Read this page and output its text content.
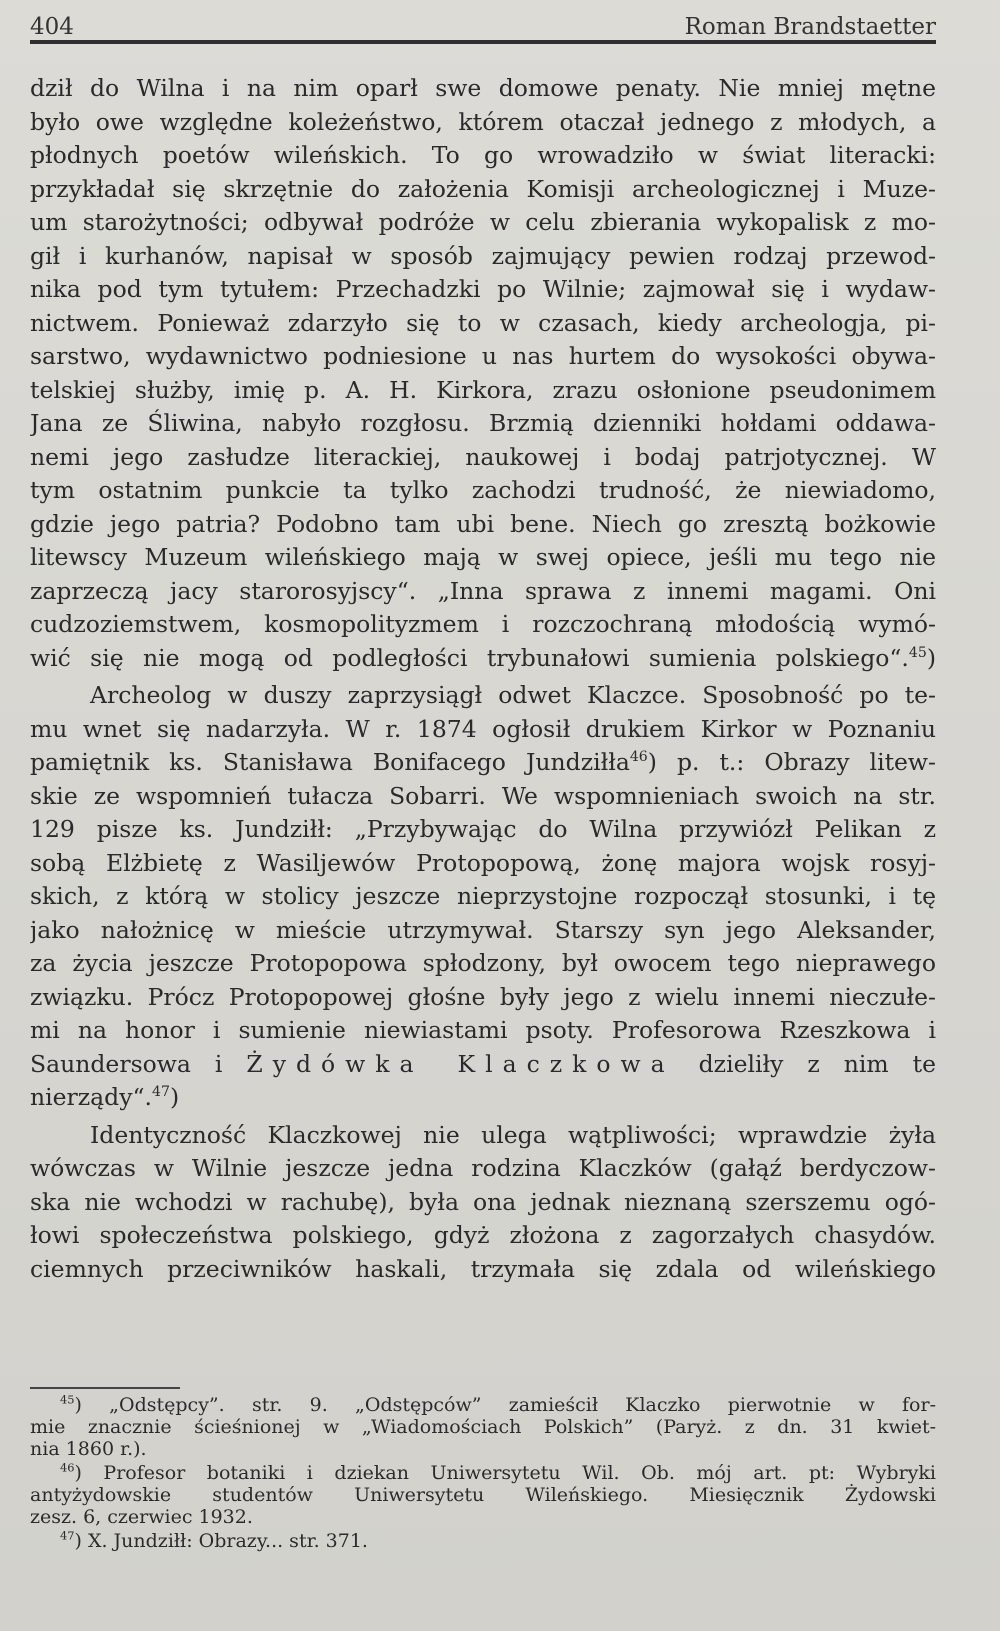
404	Roman Brandstaetter
dził do Wilna i na nim oparł swe domowe penaty. Nie mniej mętne
było owe względne koleżeństwo, którem otaczał jednego z młodych, a
płodnych poetów wileńskich. To go wrowadziło w świat literacki:
przykładał się skrzętnie do założenia Komisji archeologicznej i Muze-
um starożytności; odbywał podróże w celu zbierania wykopalisk z mo-
gił i kurhanów, napisał w sposób zajmujący pewien rodzaj przewod-
nika pod tym tytułem: Przechadzki po Wilnie; zajmował się i wydaw-
nictwem. Ponieważ zdarzyło się to w czasach, kiedy archeologja, pi-
sarstwo, wydawnictwo podniesione u nas hurtem do wysokości obywa-
telskiej służby, imię p. A. H. Kirkora, zrazu osłonione pseudonimem
Jana ze Śliwina, nabyło rozgłosu. Brzmią dzienniki hołdami oddawa-
nemi jego zasłudze literackiej, naukowej i bodaj patrjotycznej. W
tym ostatnim punkcie ta tylko zachodzi trudność, że niewiadomo,
gdzie jego patria? Podobno tam ubi bene. Niech go zresztą bożkowie
litewscy Muzeum wileńskiego mają w swej opiece, jeśli mu tego nie
zaprzeczą jacy starorosyjscy“. „Inna sprawa z innemi magami. Oni
cudzoziemstwem, kosmopolityzmem i rozczochraną młodością wymó-
wić się nie mogą od podległości trybunałowi sumienia polskiego“.$^{45}$)
Archeolog w duszy zaprzysiągł odwet Klaczce. Sposobność po te-
mu wnet się nadarzyła. W r. 1874 ogłosił drukiem Kirkor w Poznaniu
pamiętnik ks. Stanisława Bonifacego Jundziłła$^{46}$) p. t.: Obrazy litew-
skie ze wspomnień tułacza Sobarri. We wspomnieniach swoich na str.
129 pisze ks. Jundziłł: „Przybywając do Wilna przywiózł Pelikan z
sobą Elżbietę z Wasiljewów Protopopową, żonę majora wojsk rosyj-
skich, z którą w stolicy jeszcze nieprzystojne rozpoczął stosunki, i tę
jako nałożnicę w mieście utrzymywał. Starszy syn jego Aleksander,
za życia jeszcze Protopopowa spłodzony, był owocem tego nieprawego
związku. Prócz Protopopowej głośne były jego z wielu innemi nieczułe-
mi na honor i sumienie niewiastami psoty. Profesorowa Rzeszkowa i
Saundersowa i Żydówka Klaczkowa dzieliły z nim te
nierządy“.$^{47}$)
Identyczność Klaczkowej nie ulega wątpliwości; wprawdzie żyła
wówczas w Wilnie jeszcze jedna rodzina Klaczków (gałąź berdyczow-
ska nie wchodzi w rachubę), była ona jednak nieznaną szerszemu ogó-
łowi społeczeństwa polskiego, gdyż złożona z zagorzałych chasydów.
ciemnych przeciwników haskali, trzymała się zdala od wileńskiego
$^{45}$) „Odstępcy”. str. 9. „Odstępców” zamieścił Klaczko pierwotnie w for-
mie znacznie ścieśnionej w „Wiadomościach Polskich” (Paryż. z dn. 31 kwiet-
nia 1860 r.).
$^{46}$) Profesor botaniki i dziekan Uniwersytetu Wil. Ob. mój art. pt: Wybryki
antyżydowskie studentów Uniwersytetu Wileńskiego. Miesięcznik Żydowski
zesz. 6, czerwiec 1932.
$^{47}$) X. Jundziłł: Obrazy... str. 371.
